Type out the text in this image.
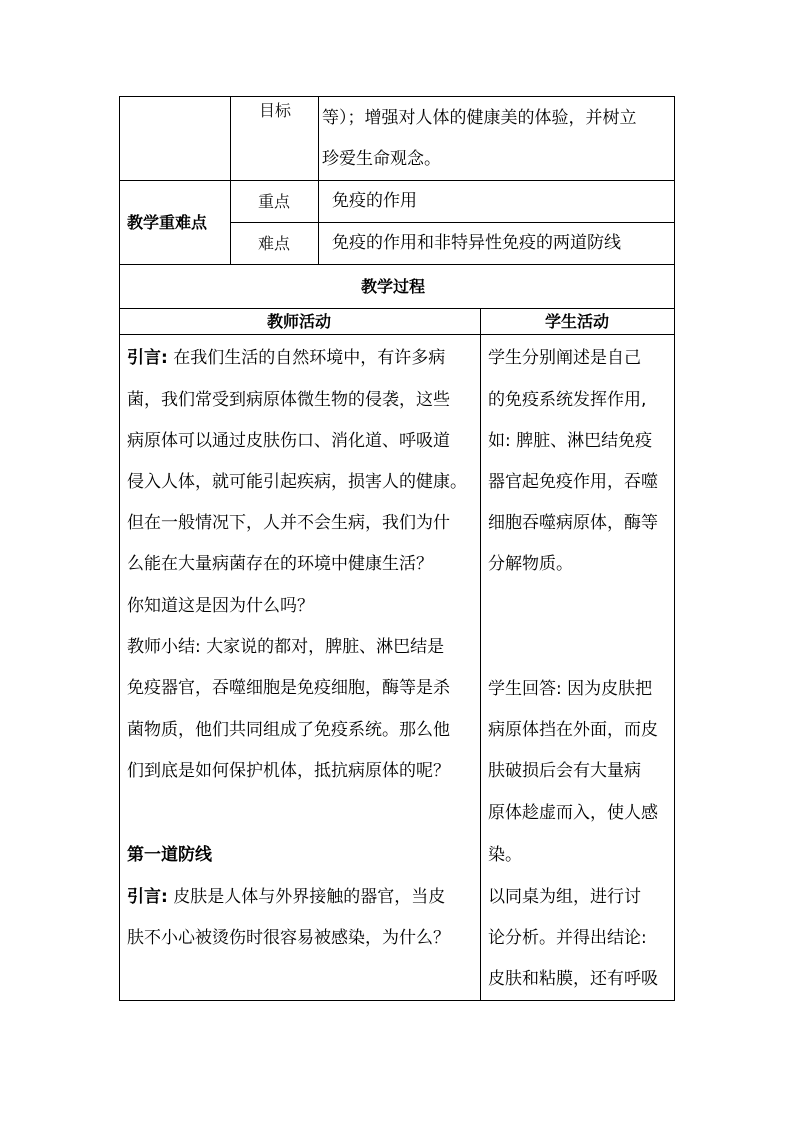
目标 等）；增强对人体的健康美的体验，并树立
珍爱生命观念。
教学重难点
重点 免疫的作用
难点 免疫的作用和非特异性免疫的两道防线
教学过程
教师活动	学生活动
引言: 在我们生活的自然环境中，有许多病
菌，我们常受到病原体微生物的侵袭，这些
病原体可以通过皮肤伤口、消化道、呼吸道
侵入人体，就可能引起疾病，损害人的健康。
但在一般情况下，人并不会生病，我们为什
么能在大量病菌存在的环境中健康生活？
你知道这是因为什么吗？
教师小结: 大家说的都对，脾脏、淋巴结是
免疫器官，吞噬细胞是免疫细胞，酶等是杀
菌物质，他们共同组成了免疫系统。那么他
们到底是如何保护机体，抵抗病原体的呢？
第一道防线
引言: 皮肤是人体与外界接触的器官，当皮
肤不小心被烫伤时很容易被感染，为什么？
学生分别阐述是自己
的免疫系统发挥作用,
如: 脾脏、淋巴结免疫
器官起免疫作用，吞噬
细胞吞噬病原体，酶等
分解物质。
学生回答: 因为皮肤把
病原体挡在外面，而皮
肤破损后会有大量病
原体趁虚而入，使人感
染。
以同桌为组，进行讨
论分析。并得出结论:
皮肤和粘膜，还有呼吸
